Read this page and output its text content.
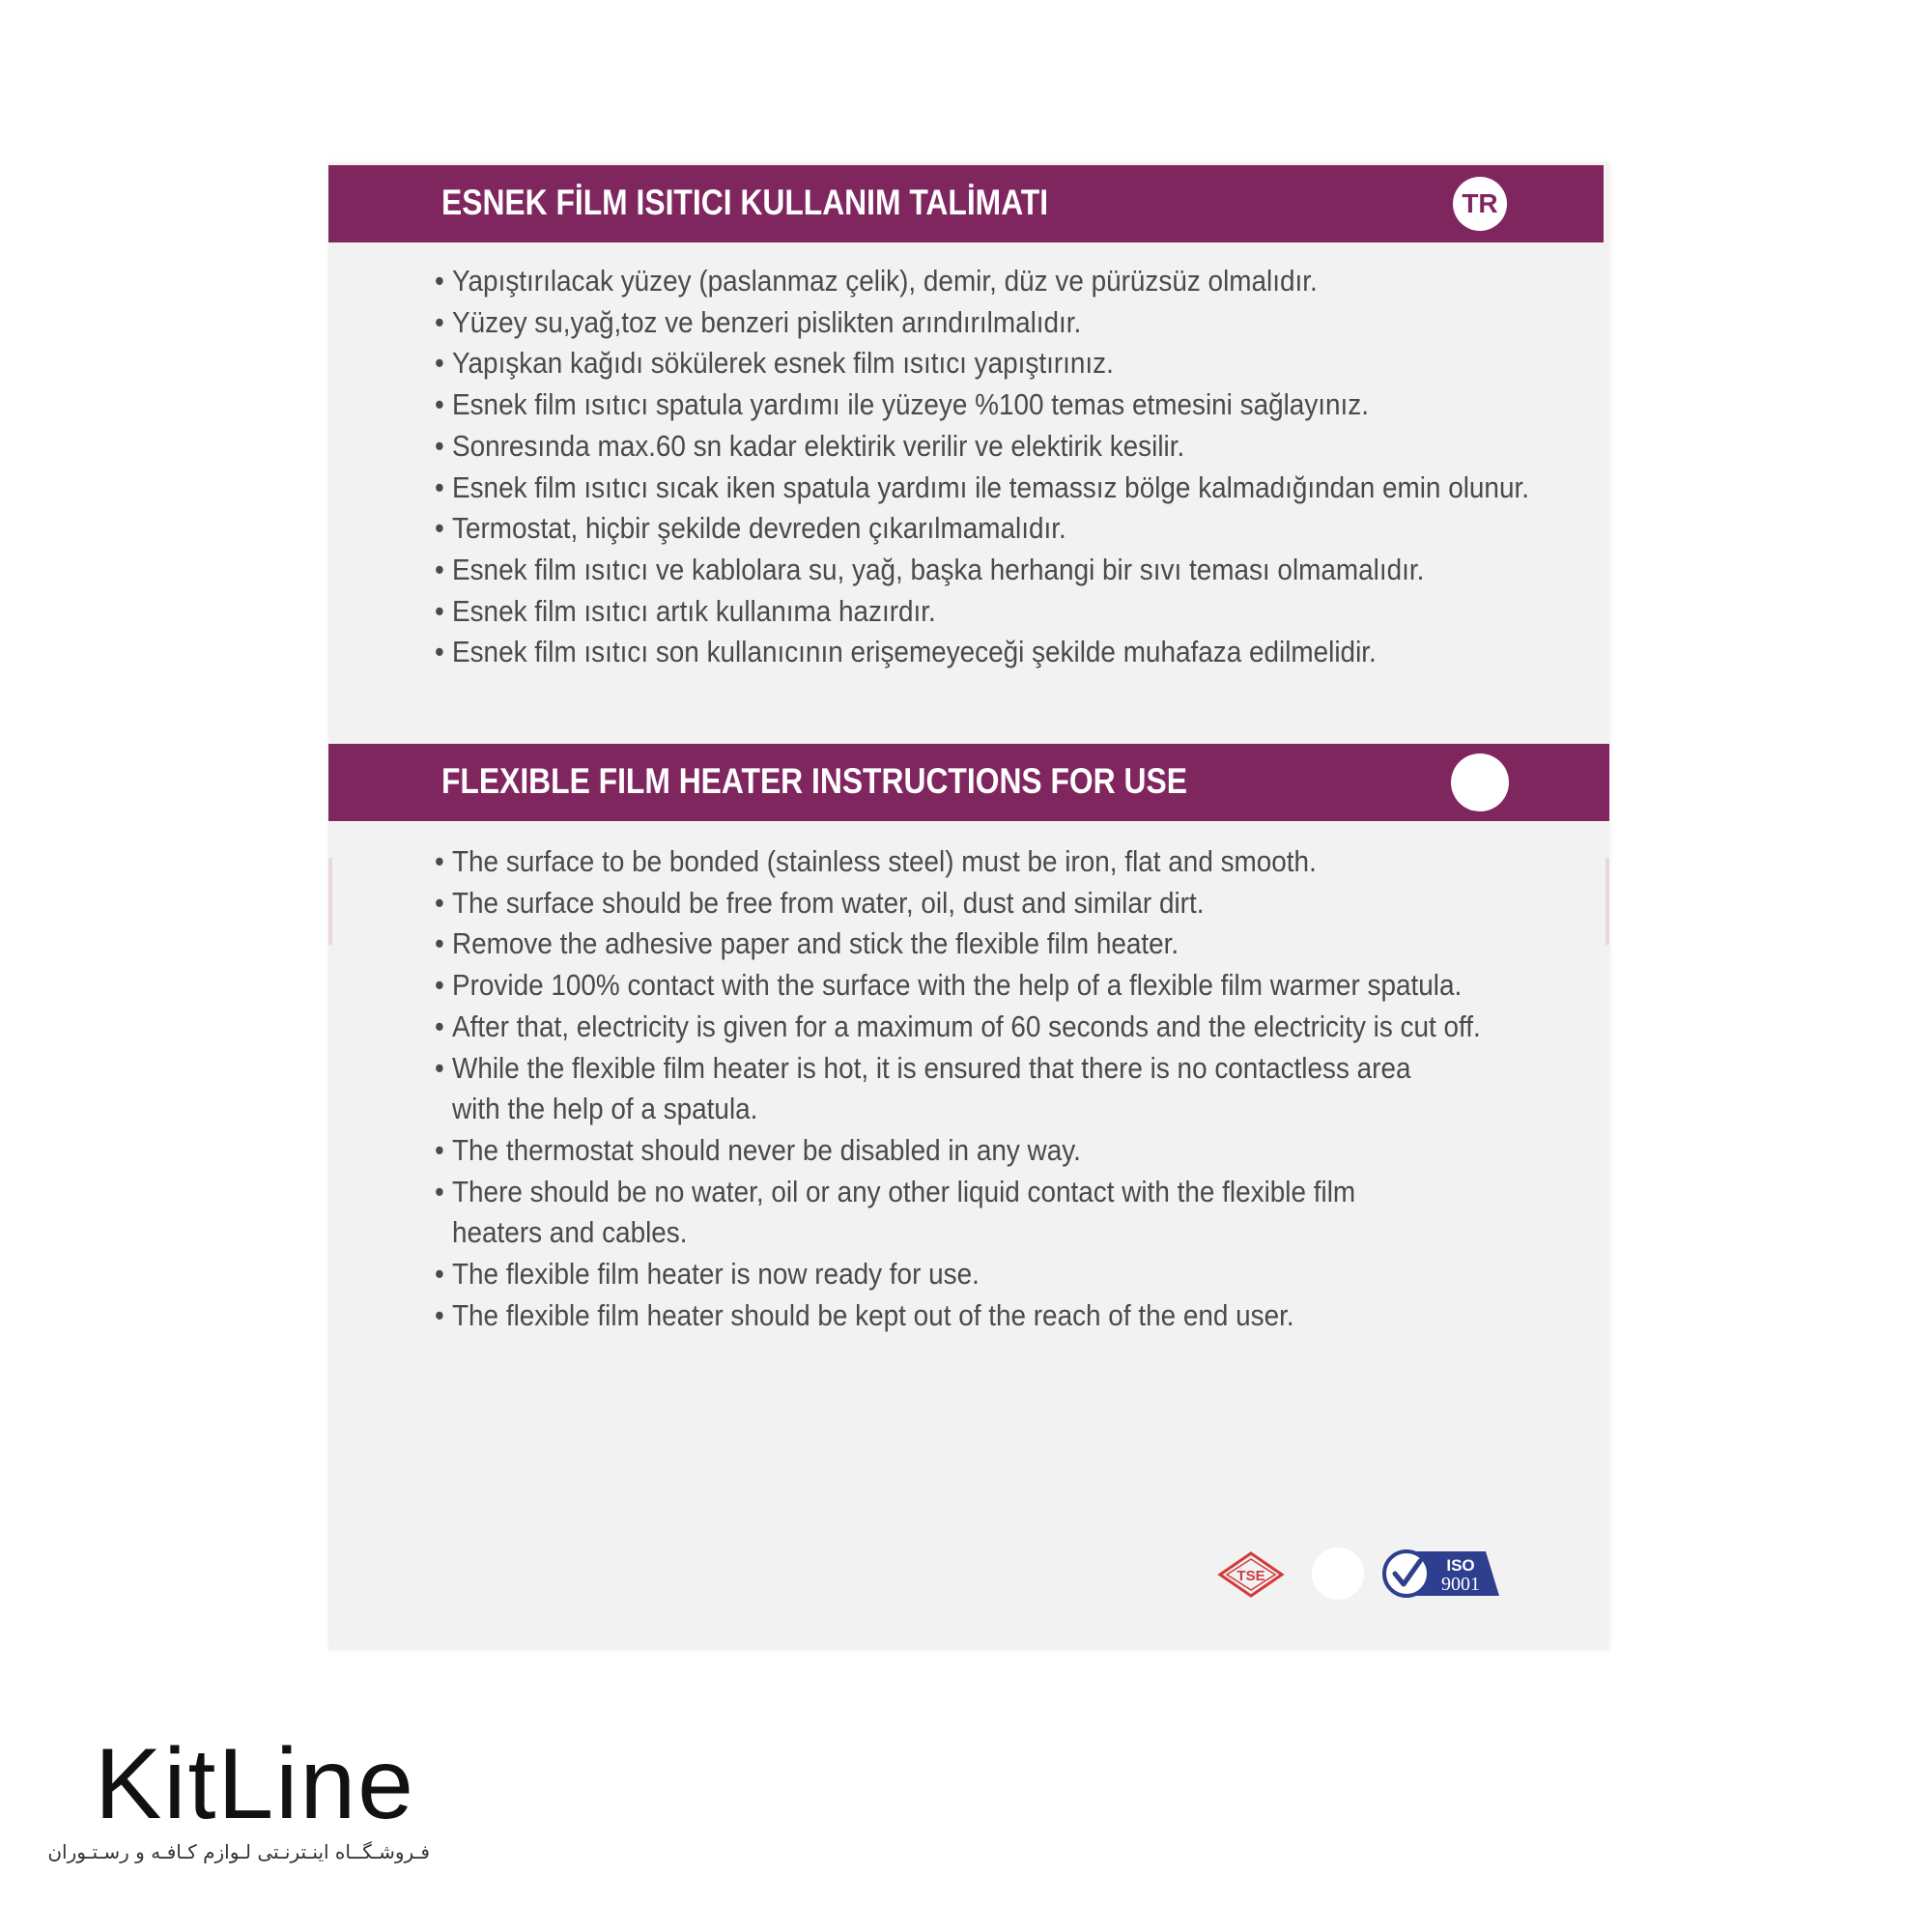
ESNEK FİLM ISITICI KULLANIM TALİMATI	TR
• Yapıştırılacak yüzey (paslanmaz çelik), demir, düz ve pürüzsüz olmalıdır.
• Yüzey su,yağ,toz ve benzeri pislikten arındırılmalıdır.
• Yapışkan kağıdı sökülerek esnek film ısıtıcı yapıştırınız.
• Esnek film ısıtıcı spatula yardımı ile yüzeye %100 temas etmesini sağlayınız.
• Sonresında max.60 sn kadar elektirik verilir ve elektirik kesilir.
• Esnek film ısıtıcı sıcak iken spatula yardımı ile temassız bölge kalmadığından emin olunur.
• Termostat, hiçbir şekilde devreden çıkarılmamalıdır.
• Esnek film ısıtıcı ve kablolara su, yağ, başka herhangi bir sıvı teması olmamalıdır.
• Esnek film ısıtıcı artık kullanıma hazırdır.
• Esnek film ısıtıcı son kullanıcının erişemeyeceği şekilde muhafaza edilmelidir.
FLEXIBLE FILM HEATER INSTRUCTIONS FOR USE
• The surface to be bonded (stainless steel) must be iron, flat and smooth.
• The surface should be free from water, oil, dust and similar dirt.
• Remove the adhesive paper and stick the flexible film heater.
• Provide 100% contact with the surface with the help of a flexible film warmer spatula.
• After that, electricity is given for a maximum of 60 seconds and the electricity is cut off.
• While the flexible film heater is hot, it is ensured that there is no contactless area with the help of a spatula.
• The thermostat should never be disabled in any way.
• There should be no water, oil or any other liquid contact with the flexible film heaters and cables.
• The flexible film heater is now ready for use.
• The flexible film heater should be kept out of the reach of the end user.
TSE
ISO
9001
KitLine
فـروشـگــاه اینـترنـتی لـوازم کـافـه و رسـتـوران
